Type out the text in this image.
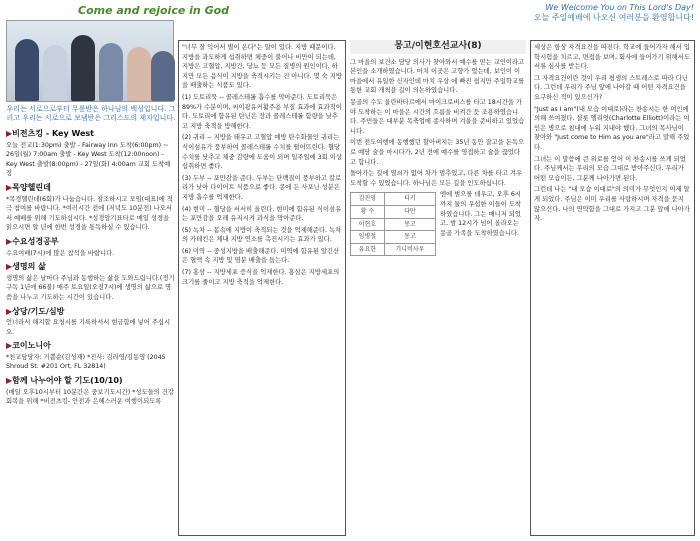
Come and rejoice in God	We Welcome You on This Lord's Day!
오늘 주일예배에 나오신 여러분을 환영합니다!
우리는 서로으로부터 무릎받은 하나님의 백성입니다. 그리고 우리는 서로으로 보냄받은 그리스도의 제자입니다.
▶비전츠킹 - Key West
오늘 전교(1:30pm) 출발 - Fairway Inn 도착(6:00pm) ~ 26일(월) 7:00am 출발 - Key West 도착(12:00noon) - Key West 출발(8:00pm) - 27일(화) 4:00am 교회 도착예정
▶목양헬린데
*목경헬린데(6회)가 나눕습니다. 잠조하시고 모임(대표)에 적극 참여를 바랍니다. *여러시간 전에 (저녁도 10분전) 나오서서 예배를 위해 기도하십시다. *성경암기표타로 매일 성경을 읽으시면 알 년에 한번 성경을 통독하실 수 있습니다.
▶수요성경공부
수요여배(7시)에 많은 참석을 바랍니다.
▶생명의 삶
생명의 삶은 날마다 주님과 동행하는 삶을 도와드립니다.(정기구독 1년에 66불) 매주 토요일(오전7시)에 생명의 삶으로 명씀을 나누고 기도하는 시간이 있습니다.
▶상당/기도/심방
언너라서 해지할 요청시를 기록하셔서 현금함에 넣어 주십시오.
▶코이노니아
*친교담당자: 기쁨순(김성재) *진사: 김라영/김동영 (2045 Shroud St. #201 Ort, FL 32814)
▶함께 나누어야 할 기도(10/10)
(매일 오후10시부터 10분간은 중보기도시간) *성도들의 건강회복을 위해 *비전츠킹- 안전과 은혜스러운 여행이되도록

"너무 잘 익어서 별이 온다"는 말이 있다. 지방 때문이다. 지방을 과도하게 섭취하면 체중이 불어나 비만이 되는데, 지방은 고혈압, 지방간, 당뇨 등 모든 질병의 원인이다. 하지만 모든 음식이 지방을 축적시키는 건 아니다. 몇 숙 지방을 배출하는 식품도 있다.

(1) 도토리묵 -- 콜레스테롤 흡수를 막아준다. 도토리묵은 89%가 수분이며, 씨이광유커활주용 부질 효과에 효과적이다. 도토리에 함유된 탄닌은 장과 콜레스테롤 함량을 낮추고 지방 축적을 방해한다.

(2) 귀리 -- 지방을 태우고 고혈압 예방 탄수화물인 귀리는 식이섬유가 풍부하여 콜레스테롤 수치를 떨어뜨린다. 혈당 수치를 낮추고 체중 감량에 도움이 되며 일주일에 3회 이상 섭취하면 좋다.

(3) 두부 -- 포만감을 준다. 두부는 단백질이 풍부하고 칼로리가 낮아 다이어트 식품으로 좋다. 콩에 든 사포닌 성분은 지방 흡수를 억제한다.

(4) 현미 -- 혈당을 서서히 올린다. 현미에 함유된 식이섬유는 포만감을 오래 유지시켜 과식을 막아준다.

(5) 녹차 -- 몸속에 지방이 축적되는 것을 억제해준다. 녹차의 카테킨은 체내 지방 연소를 촉진시키는 효과가 있다.

(6) 미역 -- 중성지방을 배출해준다. 미역에 함유된 알긴산은 혈액 속 지방 및 염분 배출을 돕는다.

(7) 홍삼 -- 지방세포 증식을 억제한다. 홍삼은 지방세포의 크기를 줄이고 지방 축적을 억제한다.

몽고/이현호선교사(8)

그 마을의 보건소 담당 의사가 찾아와서 예수를 믿는 교인이라고 본인을 소개하였습니다. 마치 이곳은 고향가 었는데, 보인이 이 마을에서 유일한 신자인데 마치 우상 에 빠진 쉽지만 주일학교를 통한 교회 개척을 길이 의논하였습니다.

몽골의 수도 울란바타르에서 마이크로버스를 타고 18시간을 가야 도착하는 이 마을은 시간의 흐름을 비켜간 듯 조용하였습니다. 주민들은 대부분 목축업에 종사하며 겨울을 준비하고 있었습니다.

이번 전도여행에 동행했던 할아버지는 35년 동안 잘고을 돈독으로 예당 술을 마시다가, 2년 전에 예수를 영접하고 술을 끊었다고 합니다.

돌아가는 길에 열쇠가 없어 차가 멈추었고, 다른 차를 타고 겨우 도착할 수 있었습니다. 하나님은 모든 길을 인도하십니다.

김진영	티키
황 수	다만
이현호	몽고
임병철	몽고
유요한	기니비사우
엔에 범으를 데우고, 오후 6시까지 둘의 우섭한 이들이 도착하였습니다. 그는 매니저 되었고, 밤 12시가 넘어 올라오는 몽골 가족을 도착하였습니다.

세상은 항상 자격요건을 따진다. 학교에 들어가자 해서 입학시험을 치르고, 면접을 보며, 회사에 들어가기 위해서도 서류 심사를 받는다.

그 자격요건이란 것이 우리 평생의 스트레스로 따라 다닌다. 그런데 우리가 주님 앞에 나아갈 때 어떤 자격요건을 요구하신 적이 있으신가?

"Just as I am"(내 모습 이대로)라는 찬송시는 한 여인에 의해 쓰여졌다. 샬롯 엘리엇(Charlotte Elliott)이라는 여인은 병으로 침대에 누워 지내야 했다. 그녀의 목사님이 찾아와 "Just come to Him as you are"라고 말해 주었다.

그녀는 이 말씀에 큰 위로를 얻어 이 찬송시를 쓰게 되었다. 주님께서는 우리의 모습 그대로 받아주신다. 우리가 어떤 모습이든, 그분께 나아가면 된다.

그런데 나는 "내 모습 이대로"의 의미가 무엇인지 이제 알게 되었다. 주님은 이미 우리를 사랑하시며 자격을 묻지 않으신다. 나의 연약함을 그대로 가지고 그분 앞에 나아가자.
